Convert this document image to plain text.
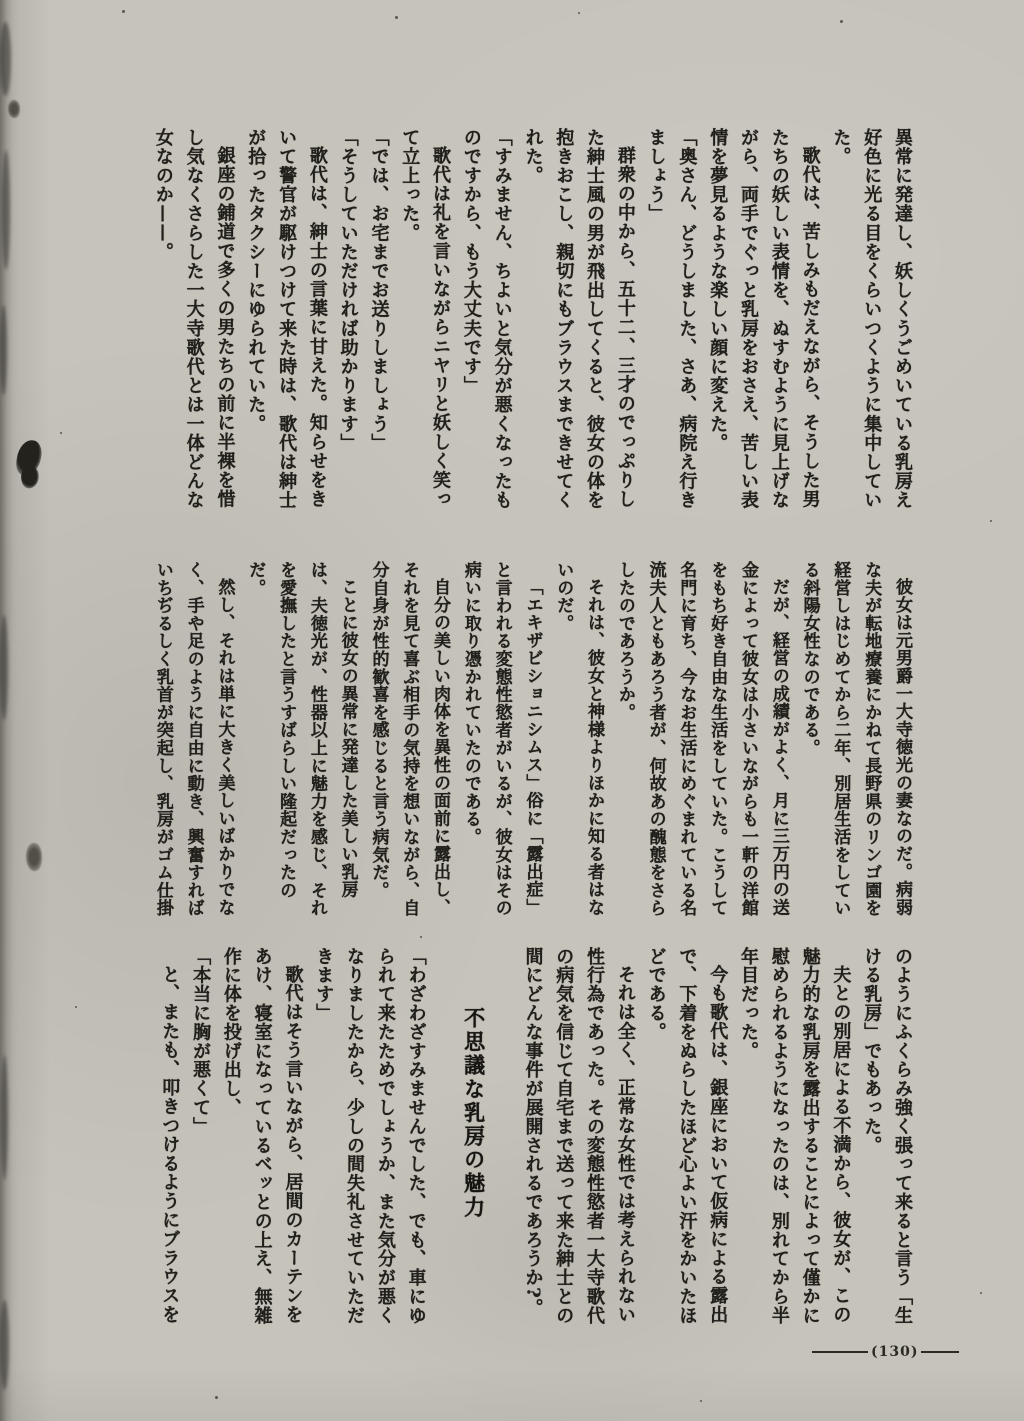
異常に発達し、妖しくうごめいている乳房え好色に光る目をくらいつくように集中していた。

歌代は、苦しみもだえながら、そうした男たちの妖しい表情を、ぬすむように見上げながら、両手でぐっと乳房をおさえ、苦しい表情を夢見るような楽しい顔に変えた。

「奥さん、どうしました、さあ、病院え行きましょう」

群衆の中から、五十二、三才のでっぷりした紳士風の男が飛出してくると、彼女の体を抱きおこし、親切にもブラウスまできせてくれた。

「すみません、ちよいと気分が悪くなったものですから、もう大丈夫です」

歌代は礼を言いながらニヤリと妖しく笑って立上った。

「では、お宅までお送りしましょう」

「そうしていただければ助かります」

歌代は、紳士の言葉に甘えた。知らせをきいて警官が駆けつけて来た時は、歌代は紳士が拾ったタクシーにゆられていた。

銀座の鋪道で多くの男たちの前に半裸を惜し気なくさらした一大寺歌代とは一体どんな女なのか——。

彼女は元男爵一大寺徳光の妻なのだ。病弱な夫が転地療養にかねて長野県のリンゴ園を経営しはじめてから二年、別居生活をしている斜陽女性なのである。

だが、経営の成績がよく、月に三万円の送金によって彼女は小さいながらも一軒の洋館をもち好き自由な生活をしていた。こうして名門に育ち、今なお生活にめぐまれている名流夫人ともあろう者が、何故あの醜態をさらしたのであろうか。

それは、彼女と神様よりほかに知る者はないのだ。

「エキザビショニシムス」俗に「露出症」と言われる変態性慾者がいるが、彼女はその病いに取り憑かれていたのである。

自分の美しい肉体を異性の面前に露出し、それを見て喜ぶ相手の気持を想いながら、自分自身が性的歓喜を感じると言う病気だ。

ことに彼女の異常に発達した美しい乳房は、夫徳光が、性器以上に魅力を感じ、それを愛撫したと言うすばらしい隆起だったのだ。

然し、それは単に大きく美しいばかりでなく、手や足のように自由に動き、興奮すればいちぢるしく乳首が突起し、乳房がゴム仕掛

のようにふくらみ強く張って来ると言う「生ける乳房」でもあった。

夫との別居による不満から、彼女が、この魅力的な乳房を露出することによって僅かに慰められるようになったのは、別れてから半年目だった。

今も歌代は、銀座において仮病による露出で、下着をぬらしたほど心よい汗をかいたほどである。

それは全く、正常な女性では考えられない性行為であった。その変態性慾者一大寺歌代の病気を信じて自宅まで送って来た紳士との間にどんな事件が展開されるであろうか?。

不思議な乳房の魅力

「わざわざすみませんでした、でも、車にゆられて来たためでしょうか、また気分が悪くなりましたから、少しの間失礼させていただきます」

歌代はそう言いながら、居間のカーテンをあけ、寝室になっているベッとの上え、無雑作に体を投げ出し、

「本当に胸が悪くて」

と、またも、叩きつけるようにブラウスを

(130)
